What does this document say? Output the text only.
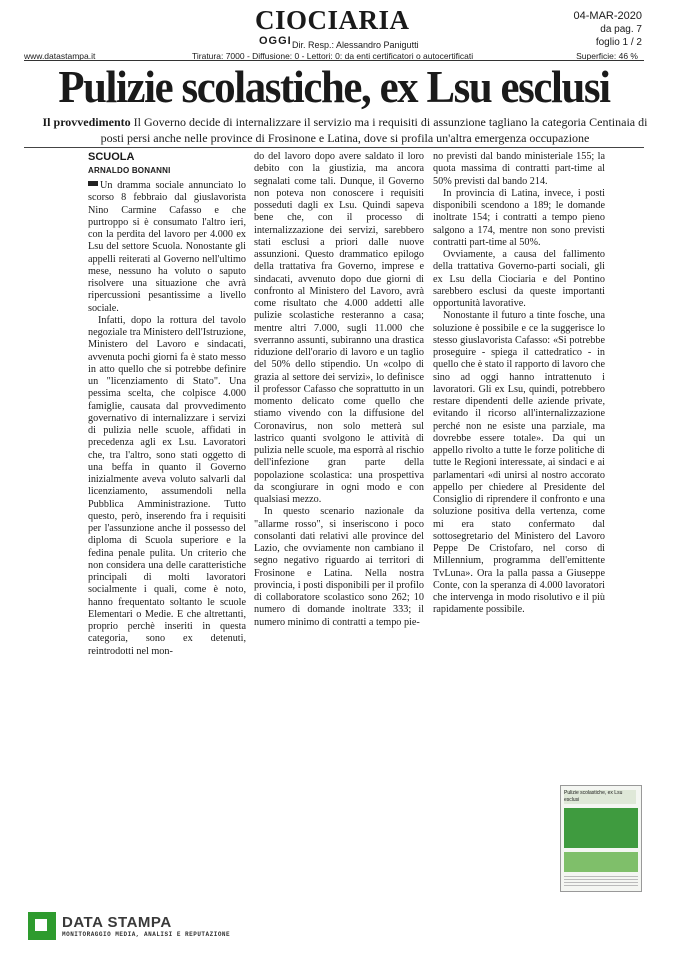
CIOCIARIAOGGI Dir. Resp.: Alessandro Panigutti
04-MAR-2020
da pag. 7
foglio 1 / 2
www.datastampa.it	Tiratura: 7000 - Diffusione: 0 - Lettori: 0: da enti certificatori o autocertificati	Superficie: 46 %
Pulizie scolastiche, ex Lsu esclusi
Il provvedimento Il Governo decide di internalizzare il servizio ma i requisiti di assunzione tagliano la categoria Centinaia di posti persi anche nelle province di Frosinone e Latina, dove si profila un'altra emergenza occupazione
SCUOLA
ARNALDO BONANNI

Un dramma sociale annunciato lo scorso 8 febbraio dal giuslavorista Nino Carmine Cafasso e che purtroppo si è consumato l'altro ieri, con la perdita del lavoro per 4.000 ex Lsu del settore Scuola. Nonostante gli appelli reiterati al Governo nell'ultimo mese, nessuno ha voluto o saputo risolvere una situazione che avrà ripercussioni pesantissime a livello sociale.

Infatti, dopo la rottura del tavolo negoziale tra Ministero dell'Istruzione, Ministero del Lavoro e sindacati, avvenuta pochi giorni fa è stato messo in atto quello che si potrebbe definire un "licenziamento di Stato". Una pessima scelta, che colpisce 4.000 famiglie, causata dal provvedimento governativo di internalizzare i servizi di pulizia nelle scuole, affidati in precedenza agli ex Lsu. Lavoratori che, tra l'altro, sono stati oggetto di una beffa in quanto il Governo inizialmente aveva voluto salvarli dal licenziamento, assumendoli nella Pubblica Amministrazione. Tutto questo, però, inserendo fra i requisiti per l'assunzione anche il possesso del diploma di Scuola superiore e la fedina penale pulita. Un criterio che non considera una delle caratteristiche principali di molti lavoratori socialmente i quali, come è noto, hanno frequentato soltanto le scuole Elementari o Medie. E che altrettanti, proprio perchè inseriti in questa categoria, sono ex detenuti, reintrodotti nel mon-

do del lavoro dopo avere saldato il loro debito con la giustizia, ma ancora segnalati come tali. Dunque, il Governo non poteva non conoscere i requisiti posseduti dagli ex Lsu. Quindi sapeva bene che, con il processo di internalizzazione dei servizi, sarebbero stati esclusi a priori dalle nuove assunzioni. Questo drammatico epilogo della trattativa fra Governo, imprese e sindacati, avvenuto dopo due giorni di confronto al Ministero del Lavoro, avrà come risultato che 4.000 addetti alle pulizie scolastiche resteranno a casa; mentre altri 7.000, sugli 11.000 che sverranno assunti, subiranno una drastica riduzione dell'orario di lavoro e un taglio del 50% dello stipendio. Un «colpo di grazia al settore dei servizi», lo definisce il professor Cafasso che soprattutto in un momento delicato come quello che stiamo vivendo con la diffusione del Coronavirus, non solo metterà sul lastrico quanti svolgono le attività di pulizia nelle scuole, ma esporrà al rischio dell'infezione gran parte della popolazione scolastica: una prospettiva da scongiurare in ogni modo e con qualsiasi mezzo.

In questo scenario nazionale da "allarme rosso", si inseriscono i poco consolanti dati relativi alle province del Lazio, che ovviamente non cambiano il segno negativo riguardo ai territori di Frosinone e Latina. Nella nostra provincia, i posti disponibili per il profilo di collaboratore scolastico sono 262; 10 numero di domande inoltrate 333; il numero minimo di contratti a tempo pie-

no previsti dal bando ministeriale 155; la quota massima di contratti part-time al 50% previsti dal bando 214.

In provincia di Latina, invece, i posti disponibili scendono a 189; le domande inoltrate 154; i contratti a tempo pieno salgono a 174, mentre non sono previsti contratti part-time al 50%.

Ovviamente, a causa del fallimento della trattativa Governo-parti sociali, gli ex Lsu della Ciociaria e del Pontino sarebbero esclusi da queste importanti opportunità lavorative.

Nonostante il futuro a tinte fosche, una soluzione è possibile e ce la suggerisce lo stesso giuslavorista Cafasso: «Si potrebbe proseguire - spiega il cattedratico - in quello che è stato il rapporto di lavoro che sino ad oggi hanno intrattenuto i lavoratori. Gli ex Lsu, quindi, potrebbero restare dipendenti delle aziende private, evitando il ricorso all'internalizzazione perché non ne esiste una parziale, ma dovrebbe essere totale». Da qui un appello rivolto a tutte le forze politiche di tutte le Regioni interessate, ai sindaci e ai parlamentari «di unirsi al nostro accorato appello per chiedere al Presidente del Consiglio di riprendere il confronto e una soluzione positiva della vertenza, come mi era stato confermato dal sottosegretario del Ministero del Lavoro Peppe De Cristofaro, nel corso di Millennium, programma dell'emittente TvLuna». Ora la palla passa a Giuseppe Conte, con la speranza di 4.000 lavoratori che intervenga in modo risolutivo e il più rapidamente possibile.

Pulizie scolastiche, ex Lsu esclusi
DATA STAMPA
MONITORAGGIO MEDIA, ANALISI E REPUTAZIONE
